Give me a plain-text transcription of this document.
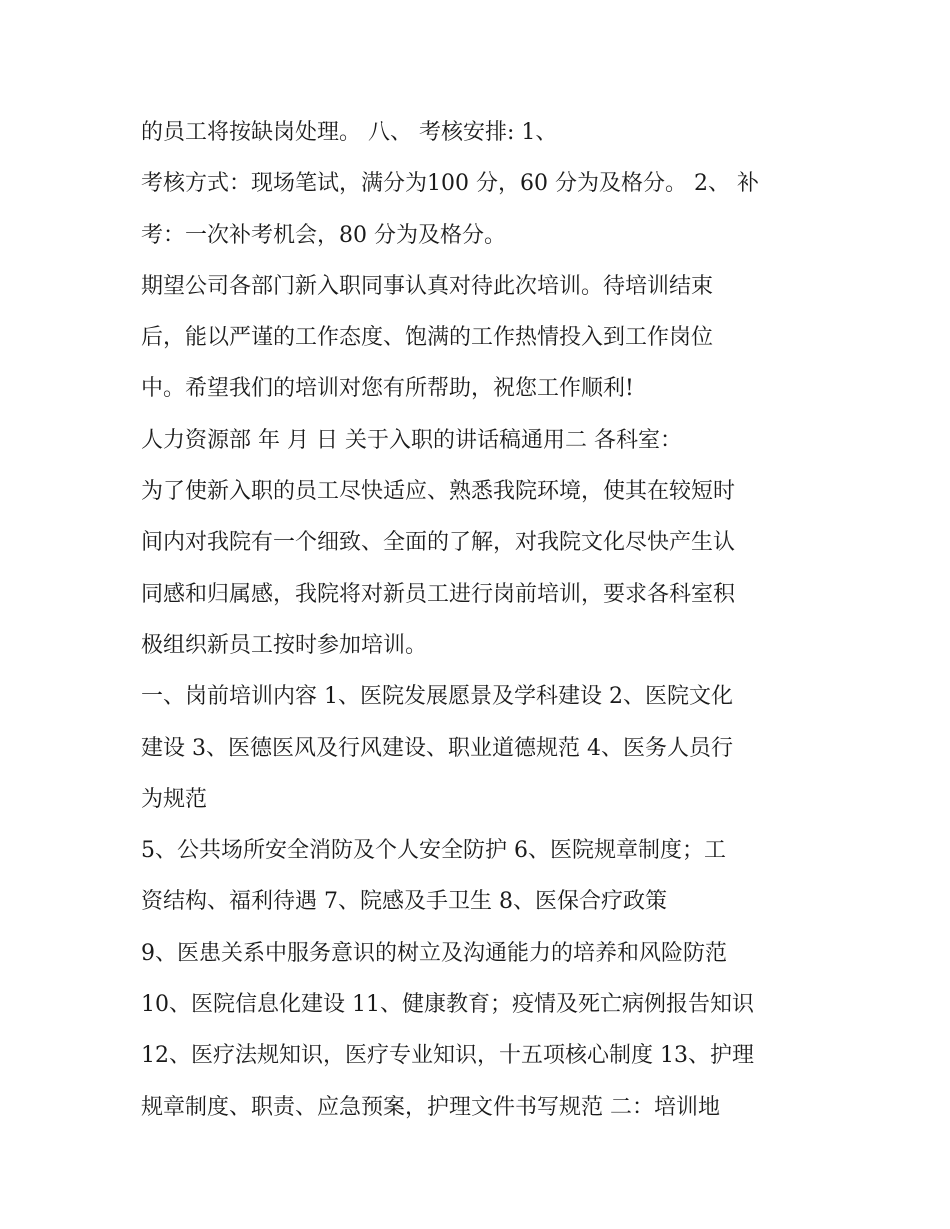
的员工将按缺岗处理。 八、 考核安排: 1、
考核方式：现场笔试，满分为100 分，60 分为及格分。 2、 补
考：一次补考机会，80 分为及格分。
期望公司各部门新入职同事认真对待此次培训。待培训结束
后，能以严谨的工作态度、饱满的工作热情投入到工作岗位
中。希望我们的培训对您有所帮助，祝您工作顺利!
人力资源部 年 月 日 关于入职的讲话稿通用二 各科室：
为了使新入职的员工尽快适应、熟悉我院环境，使其在较短时
间内对我院有一个细致、全面的了解，对我院文化尽快产生认
同感和归属感，我院将对新员工进行岗前培训，要求各科室积
极组织新员工按时参加培训。
一、岗前培训内容 1、医院发展愿景及学科建设 2、医院文化
建设 3、医德医风及行风建设、职业道德规范 4、医务人员行
为规范
5、公共场所安全消防及个人安全防护 6、医院规章制度；工
资结构、福利待遇 7、院感及手卫生 8、医保合疗政策
9、医患关系中服务意识的树立及沟通能力的培养和风险防范
10、医院信息化建设 11、健康教育；疫情及死亡病例报告知识
12、医疗法规知识，医疗专业知识，十五项核心制度 13、护理
规章制度、职责、应急预案，护理文件书写规范 二：培训地
